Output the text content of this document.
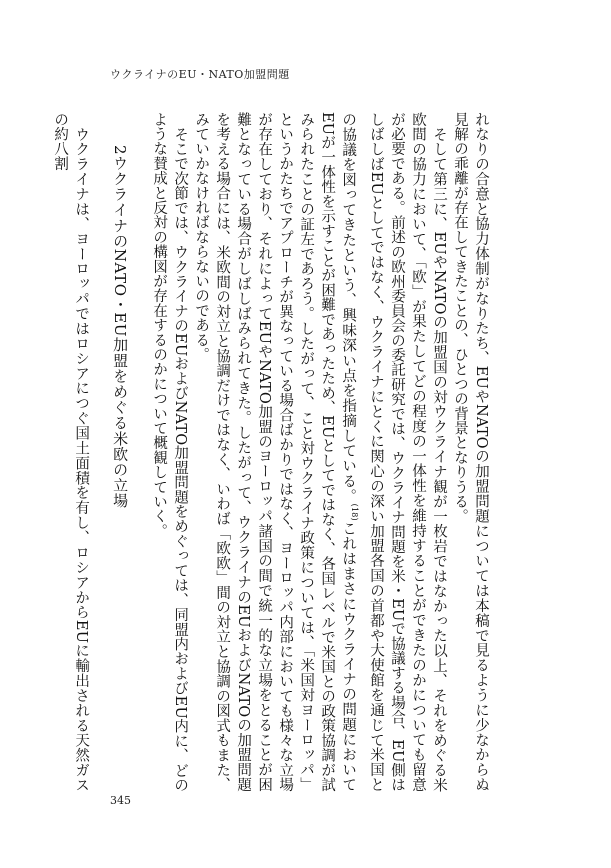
ウクライナのEU・NATO加盟問題

れなりの合意と協力体制がなりたち、EUやNATOの加盟問題については本稿で見るように少なからぬ見解の乖離が存在してきたことの、ひとつの背景となりうる。

そして第三に、EUやNATOの加盟国の対ウクライナ観が一枚岩ではなかった以上、それをめぐる米欧間の協力において、「欧」が果たしてどの程度の一体性を維持することができたのかについても留意が必要である。前述の欧州委員会の委託研究では、ウクライナ問題を米・EUで協議する場合、EU側はしばしばEUとしてではなく、ウクライナにとくに関心の深い加盟各国の首都や大使館を通じて米国との協議を図ってきたという、興味深い点を指摘している。$^{(18)}$これはまさにウクライナの問題においてEUが一体性を示すことが困難であったため、EUとしてではなく、各国レベルで米国との政策協調が試みられたことの証左であろう。したがって、こと対ウクライナ政策については、「米国対ヨーロッパ」というかたちでアプローチが異なっている場合ばかりではなく、ヨーロッパ内部においても様々な立場が存在しており、それによってEUやNATO加盟のヨーロッパ諸国の間で統一的な立場をとることが困難となっている場合がしばしばみられてきた。したがって、ウクライナのEUおよびNATOの加盟問題を考える場合には、米欧間の対立と協調だけではなく、いわば「欧欧」間の対立と協調の図式もまた、みていかなければならないのである。

そこで次節では、ウクライナのEUおよびNATO加盟問題をめぐっては、同盟内およびEU内に、どのような賛成と反対の構図が存在するのかについて概観していく。

2ウクライナのNATO・EU加盟をめぐる米欧の立場

ウクライナは、ヨーロッパではロシアにつぐ国土面積を有し、ロシアからEUに輸出される天然ガスの約八割

345
